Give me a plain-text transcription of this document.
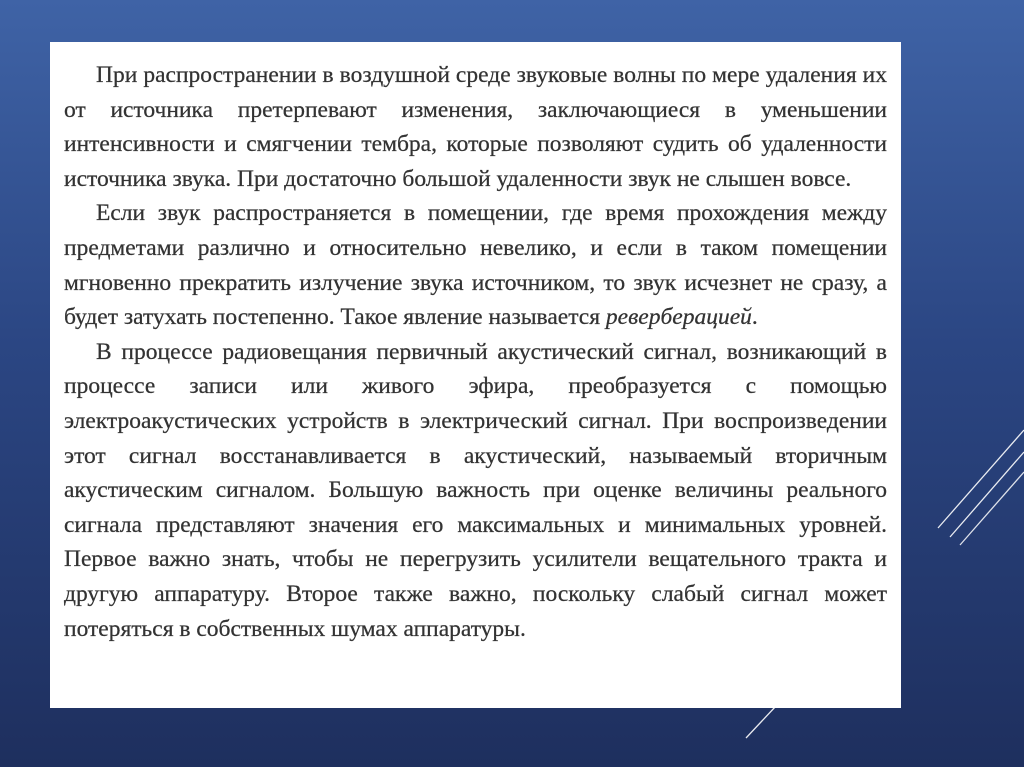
При распространении в воздушной среде звуковые волны по мере удаления их от источника претерпевают изменения, заключающиеся в уменьшении интенсивности и смягчении тембра, которые позволяют судить об удаленности источника звука. При достаточно большой удаленности звук не слышен вовсе.

Если звук распространяется в помещении, где время прохождения между предметами различно и относительно невелико, и если в таком помещении мгновенно прекратить излучение звука источником, то звук исчезнет не сразу, а будет затухать постепенно. Такое явление называется реверберацией.

В процессе радиовещания первичный акустический сигнал, возникающий в процессе записи или живого эфира, преобразуется с помощью электроакустических устройств в электрический сигнал. При воспроизведении этот сигнал восстанавливается в акустический, называемый вторичным акустическим сигналом. Большую важность при оценке величины реального сигнала представляют значения его максимальных и минимальных уровней. Первое важно знать, чтобы не перегрузить усилители вещательного тракта и другую аппаратуру. Второе также важно, поскольку слабый сигнал может потеряться в собственных шумах аппаратуры.
